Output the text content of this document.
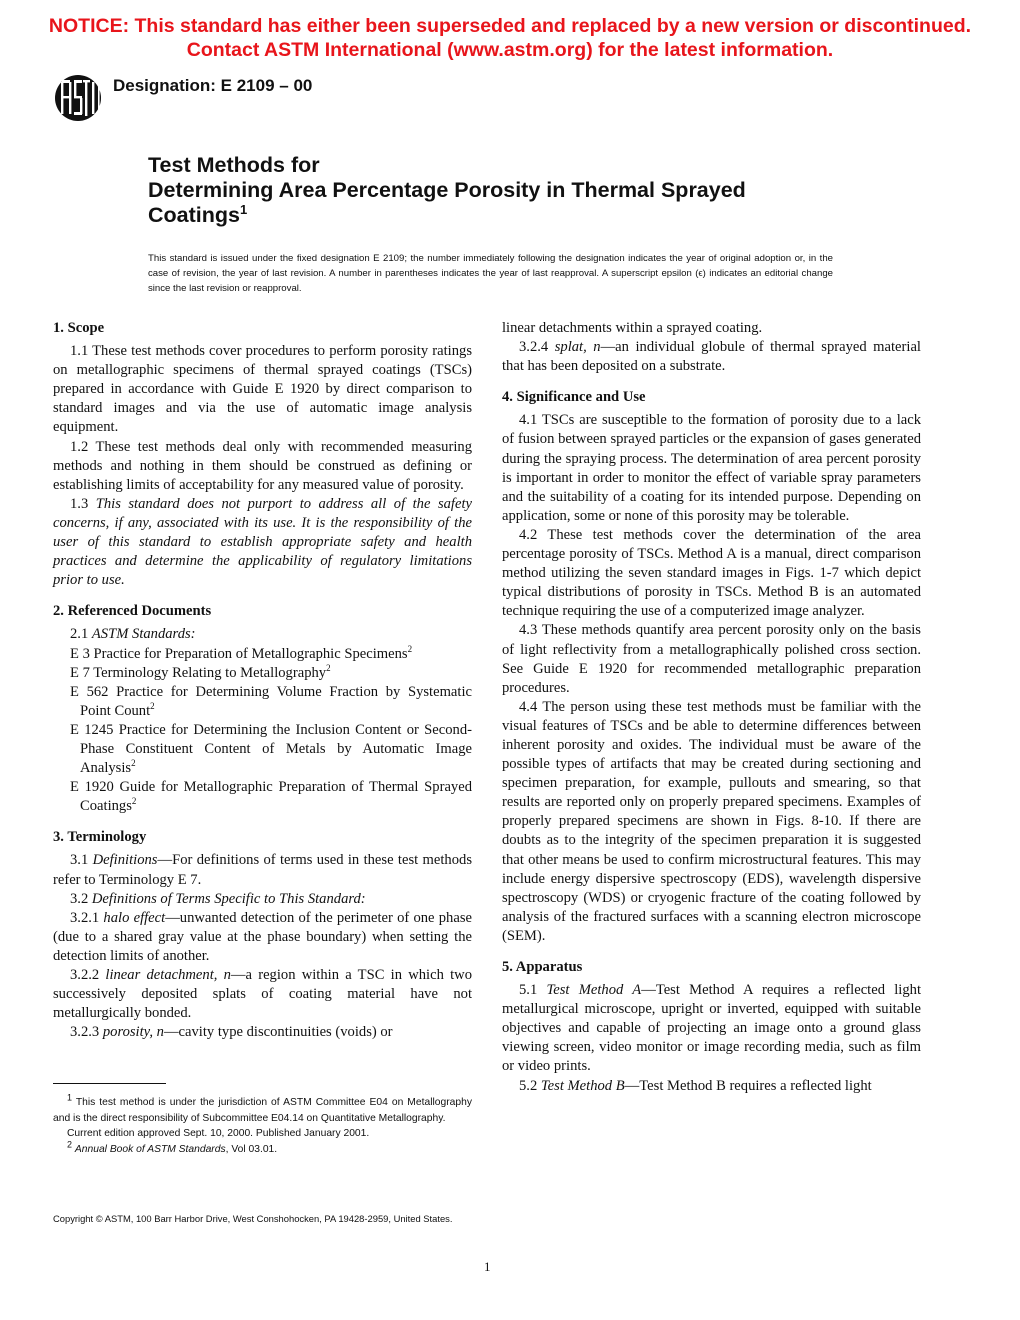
NOTICE: This standard has either been superseded and replaced by a new version or discontinued.
Contact ASTM International (www.astm.org) for the latest information.
Designation: E 2109 – 00
Test Methods for
Determining Area Percentage Porosity in Thermal Sprayed
Coatings$^1$
This standard is issued under the fixed designation E 2109; the number immediately following the designation indicates the year of original adoption or, in the case of revision, the year of last revision. A number in parentheses indicates the year of last reapproval. A superscript epsilon (ϵ) indicates an editorial change since the last revision or reapproval.
1. Scope
1.1 These test methods cover procedures to perform porosity ratings on metallographic specimens of thermal sprayed coatings (TSCs) prepared in accordance with Guide E 1920 by direct comparison to standard images and via the use of automatic image analysis equipment.
1.2 These test methods deal only with recommended measuring methods and nothing in them should be construed as defining or establishing limits of acceptability for any measured value of porosity.
1.3 This standard does not purport to address all of the safety concerns, if any, associated with its use. It is the responsibility of the user of this standard to establish appropriate safety and health practices and determine the applicability of regulatory limitations prior to use.
2. Referenced Documents
2.1 ASTM Standards:
E 3 Practice for Preparation of Metallographic Specimens$^2$
E 7 Terminology Relating to Metallography$^2$
E 562 Practice for Determining Volume Fraction by Systematic Point Count$^2$
E 1245 Practice for Determining the Inclusion Content or Second-Phase Constituent Content of Metals by Automatic Image Analysis$^2$
E 1920 Guide for Metallographic Preparation of Thermal Sprayed Coatings$^2$
3. Terminology
3.1 Definitions—For definitions of terms used in these test methods refer to Terminology E 7.
3.2 Definitions of Terms Specific to This Standard:
3.2.1 halo effect—unwanted detection of the perimeter of one phase (due to a shared gray value at the phase boundary) when setting the detection limits of another.
3.2.2 linear detachment, n—a region within a TSC in which two successively deposited splats of coating material have not metallurgically bonded.
3.2.3 porosity, n—cavity type discontinuities (voids) or
linear detachments within a sprayed coating.
3.2.4 splat, n—an individual globule of thermal sprayed material that has been deposited on a substrate.
4. Significance and Use
4.1 TSCs are susceptible to the formation of porosity due to a lack of fusion between sprayed particles or the expansion of gases generated during the spraying process. The determination of area percent porosity is important in order to monitor the effect of variable spray parameters and the suitability of a coating for its intended purpose. Depending on application, some or none of this porosity may be tolerable.
4.2 These test methods cover the determination of the area percentage porosity of TSCs. Method A is a manual, direct comparison method utilizing the seven standard images in Figs. 1-7 which depict typical distributions of porosity in TSCs. Method B is an automated technique requiring the use of a computerized image analyzer.
4.3 These methods quantify area percent porosity only on the basis of light reflectivity from a metallographically polished cross section. See Guide E 1920 for recommended metallographic preparation procedures.
4.4 The person using these test methods must be familiar with the visual features of TSCs and be able to determine differences between inherent porosity and oxides. The individual must be aware of the possible types of artifacts that may be created during sectioning and specimen preparation, for example, pullouts and smearing, so that results are reported only on properly prepared specimens. Examples of properly prepared specimens are shown in Figs. 8-10. If there are doubts as to the integrity of the specimen preparation it is suggested that other means be used to confirm microstructural features. This may include energy dispersive spectroscopy (EDS), wavelength dispersive spectroscopy (WDS) or cryogenic fracture of the coating followed by analysis of the fractured surfaces with a scanning electron microscope (SEM).
5. Apparatus
5.1 Test Method A—Test Method A requires a reflected light metallurgical microscope, upright or inverted, equipped with suitable objectives and capable of projecting an image onto a ground glass viewing screen, video monitor or image recording media, such as film or video prints.
5.2 Test Method B—Test Method B requires a reflected light

$^1$ This test method is under the jurisdiction of ASTM Committee E04 on Metallography and is the direct responsibility of Subcommittee E04.14 on Quantitative Metallography.

Current edition approved Sept. 10, 2000. Published January 2001.

$^2$ Annual Book of ASTM Standards, Vol 03.01.

Copyright © ASTM, 100 Barr Harbor Drive, West Conshohocken, PA 19428-2959, United States.
1
